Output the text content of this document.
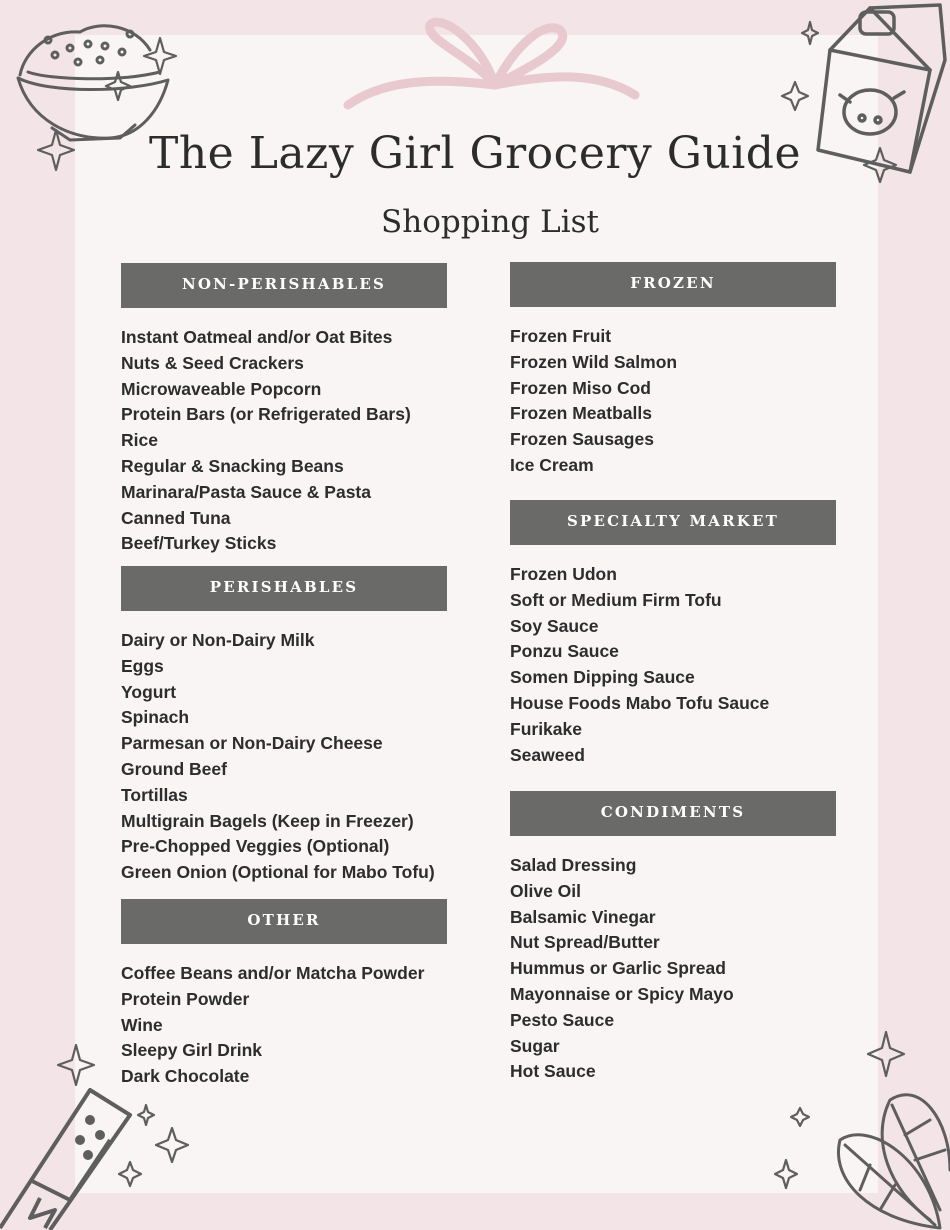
The Lazy Girl Grocery Guide
Shopping List
NON-PERISHABLES
Instant Oatmeal and/or Oat Bites
Nuts & Seed Crackers
Microwaveable Popcorn
Protein Bars (or Refrigerated Bars)
Rice
Regular & Snacking Beans
Marinara/Pasta Sauce & Pasta
Canned Tuna
Beef/Turkey Sticks
PERISHABLES
Dairy or Non-Dairy Milk
Eggs
Yogurt
Spinach
Parmesan or Non-Dairy Cheese
Ground Beef
Tortillas
Multigrain Bagels (Keep in Freezer)
Pre-Chopped Veggies (Optional)
Green Onion (Optional for Mabo Tofu)
OTHER
Coffee Beans and/or Matcha Powder
Protein Powder
Wine
Sleepy Girl Drink
Dark Chocolate
FROZEN
Frozen Fruit
Frozen Wild Salmon
Frozen Miso Cod
Frozen Meatballs
Frozen Sausages
Ice Cream
SPECIALTY MARKET
Frozen Udon
Soft or Medium Firm Tofu
Soy Sauce
Ponzu Sauce
Somen Dipping Sauce
House Foods Mabo Tofu Sauce
Furikake
Seaweed
CONDIMENTS
Salad Dressing
Olive Oil
Balsamic Vinegar
Nut Spread/Butter
Hummus or Garlic Spread
Mayonnaise or Spicy Mayo
Pesto Sauce
Sugar
Hot Sauce
